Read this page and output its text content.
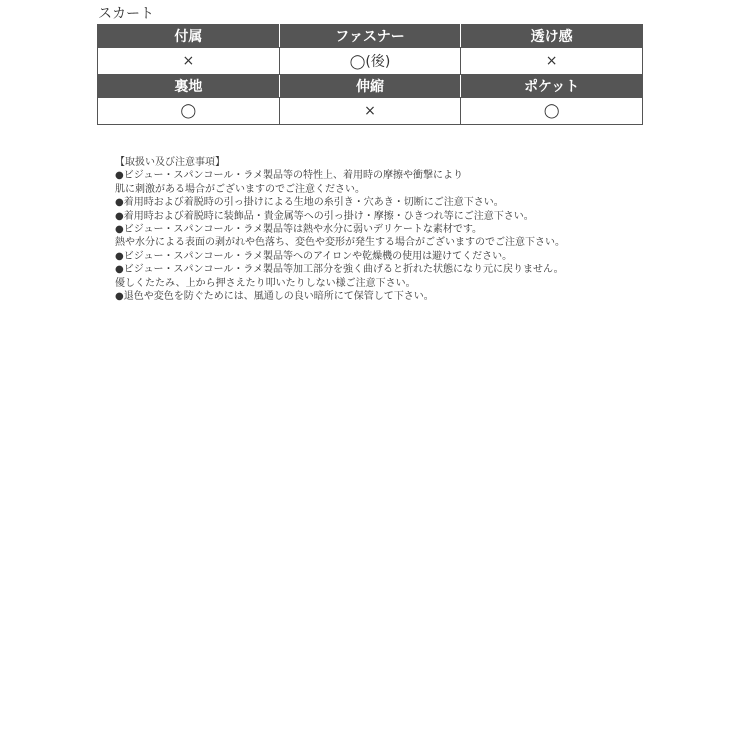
スカート
付属	ファスナー	透け感
×	◯(後)	×
裏地	伸縮	ポケット
◯	×	◯
【取扱い及び注意事項】
●ビジュー・スパンコール・ラメ製品等の特性上、着用時の摩擦や衝撃により
肌に刺激がある場合がございますのでご注意ください。
●着用時および着脱時の引っ掛けによる生地の糸引き・穴あき・切断にご注意下さい。
●着用時および着脱時に装飾品・貴金属等への引っ掛け・摩擦・ひきつれ等にご注意下さい。
●ビジュー・スパンコール・ラメ製品等は熱や水分に弱いデリケートな素材です。
熱や水分による表面の剥がれや色落ち、変色や変形が発生する場合がございますのでご注意下さい。
●ビジュー・スパンコール・ラメ製品等へのアイロンや乾燥機の使用は避けてください。
●ビジュー・スパンコール・ラメ製品等加工部分を強く曲げると折れた状態になり元に戻りません。
優しくたたみ、上から押さえたり叩いたりしない様ご注意下さい。
●退色や変色を防ぐためには、風通しの良い暗所にて保管して下さい。
